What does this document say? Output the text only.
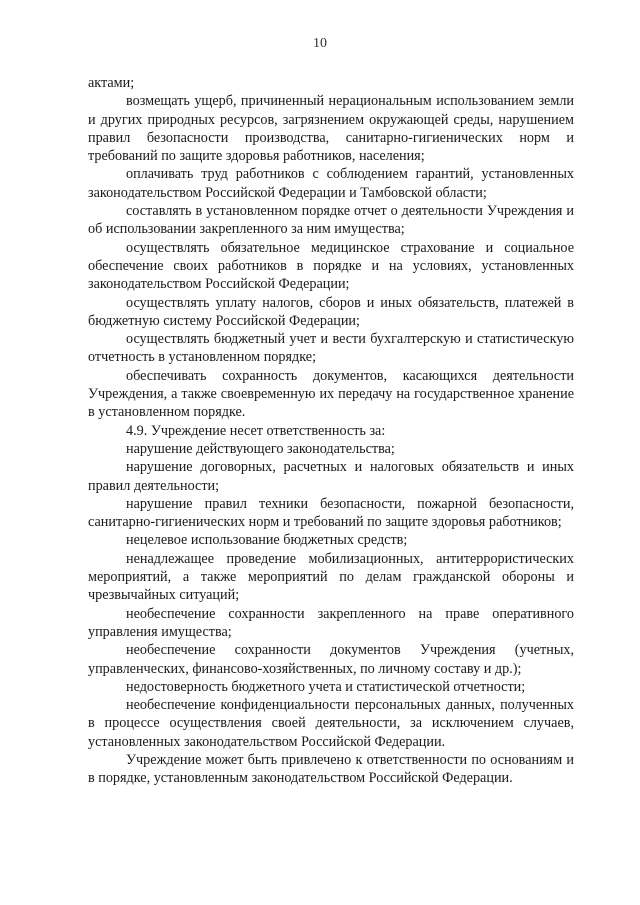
10

актами;

возмещать ущерб, причиненный нерациональным использованием земли и других природных ресурсов, загрязнением окружающей среды, нарушением правил безопасности производства, санитарно-гигиенических норм и требований по защите здоровья работников, населения;

оплачивать труд работников с соблюдением гарантий, установленных законодательством Российской Федерации и Тамбовской области;

составлять в установленном порядке отчет о деятельности Учреждения и об использовании закрепленного за ним имущества;

осуществлять обязательное медицинское страхование и социальное обеспечение своих работников в порядке и на условиях, установленных законодательством Российской Федерации;

осуществлять уплату налогов, сборов и иных обязательств, платежей в бюджетную систему Российской Федерации;

осуществлять бюджетный учет и вести бухгалтерскую и статистическую отчетность в установленном порядке;

обеспечивать сохранность документов, касающихся деятельности Учреждения, а также своевременную их передачу на государственное хранение в установленном порядке.

4.9. Учреждение несет ответственность за:

нарушение действующего законодательства;

нарушение договорных, расчетных и налоговых обязательств и иных правил деятельности;

нарушение правил техники безопасности, пожарной безопасности, санитарно-гигиенических норм и требований по защите здоровья работников;

нецелевое использование бюджетных средств;

ненадлежащее проведение мобилизационных, антитеррористических мероприятий, а также мероприятий по делам гражданской обороны и чрезвычайных ситуаций;

необеспечение сохранности закрепленного на праве оперативного управления имущества;

необеспечение сохранности документов Учреждения (учетных, управленческих, финансово-хозяйственных, по личному составу и др.);

недостоверность бюджетного учета и статистической отчетности;

необеспечение конфиденциальности персональных данных, полученных в процессе осуществления своей деятельности, за исключением случаев, установленных законодательством Российской Федерации.

Учреждение может быть привлечено к ответственности по основаниям и в порядке, установленным законодательством Российской Федерации.
